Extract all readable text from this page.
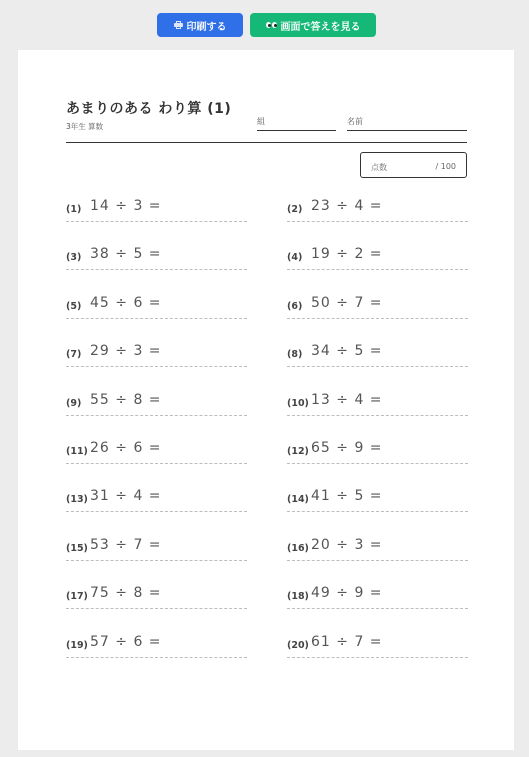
印刷する	画面で答えを見る
あまりのある わり算 (1)
3年生 算数
組	名前
点数	/ 100
(1) 14 ÷ 3 =	(2) 23 ÷ 4 =
(3) 38 ÷ 5 =	(4) 19 ÷ 2 =
(5) 45 ÷ 6 =	(6) 50 ÷ 7 =
(7) 29 ÷ 3 =	(8) 34 ÷ 5 =
(9) 55 ÷ 8 =	(10) 13 ÷ 4 =
(11) 26 ÷ 6 =	(12) 65 ÷ 9 =
(13) 31 ÷ 4 =	(14) 41 ÷ 5 =
(15) 53 ÷ 7 =	(16) 20 ÷ 3 =
(17) 75 ÷ 8 =	(18) 49 ÷ 9 =
(19) 57 ÷ 6 =	(20) 61 ÷ 7 =
